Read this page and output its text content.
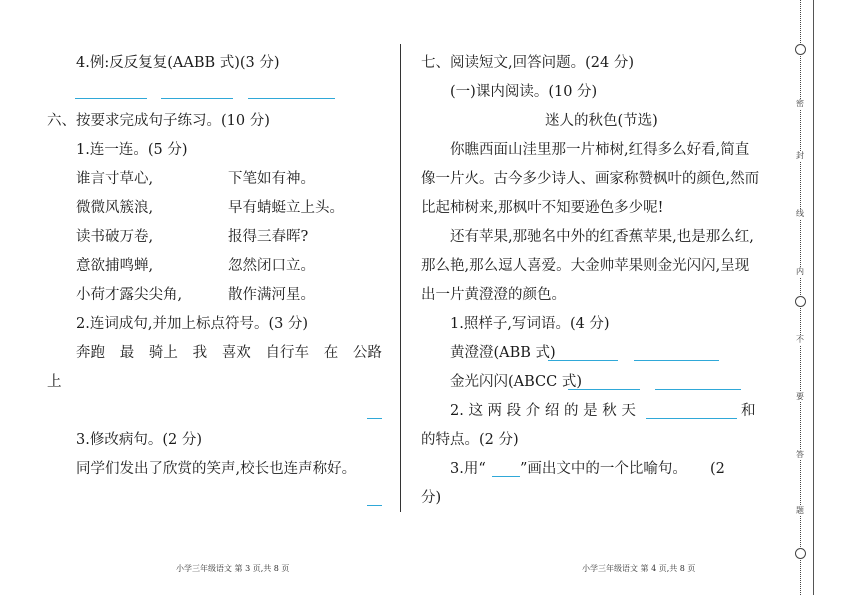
4.例:反反复复(AABB 式)(3 分)
六、按要求完成句子练习。(10 分)
1.连一连。(5 分)
谁言寸草心,	下笔如有神。
微微风簇浪,	早有蜻蜓立上头。
读书破万卷,	报得三春晖?
意欲捕鸣蝉,	忽然闭口立。
小荷才露尖尖角,	散作满河星。
2.连词成句,并加上标点符号。(3 分)
奔跑 最 骑上 我 喜欢 自行车 在 公路
上
3.修改病句。(2 分)
同学们发出了欣赏的笑声,校长也连声称好。
七、阅读短文,回答问题。(24 分)
(一)课内阅读。(10 分)
迷人的秋色(节选)
你瞧西面山洼里那一片柿树,红得多么好看,简直
像一片火。古今多少诗人、画家称赞枫叶的颜色,然而
比起柿树来,那枫叶不知要逊色多少呢!
还有苹果,那驰名中外的红香蕉苹果,也是那么红,
那么艳,那么逗人喜爱。大金帅苹果则金光闪闪,呈现
出一片黄澄澄的颜色。
1.照样子,写词语。(4 分)
黄澄澄(ABB 式)
金光闪闪(ABCC 式)
2. 这 两 段 介 绍 的 是 秋 天	和
的特点。(2 分)
3.用“ ”画出文中的一个比喻句。 (2
分)
小学三年级语文 第 3 页,共 8 页	小学三年级语文 第 4 页,共 8 页
密
封
线
内
不
要
答
题
